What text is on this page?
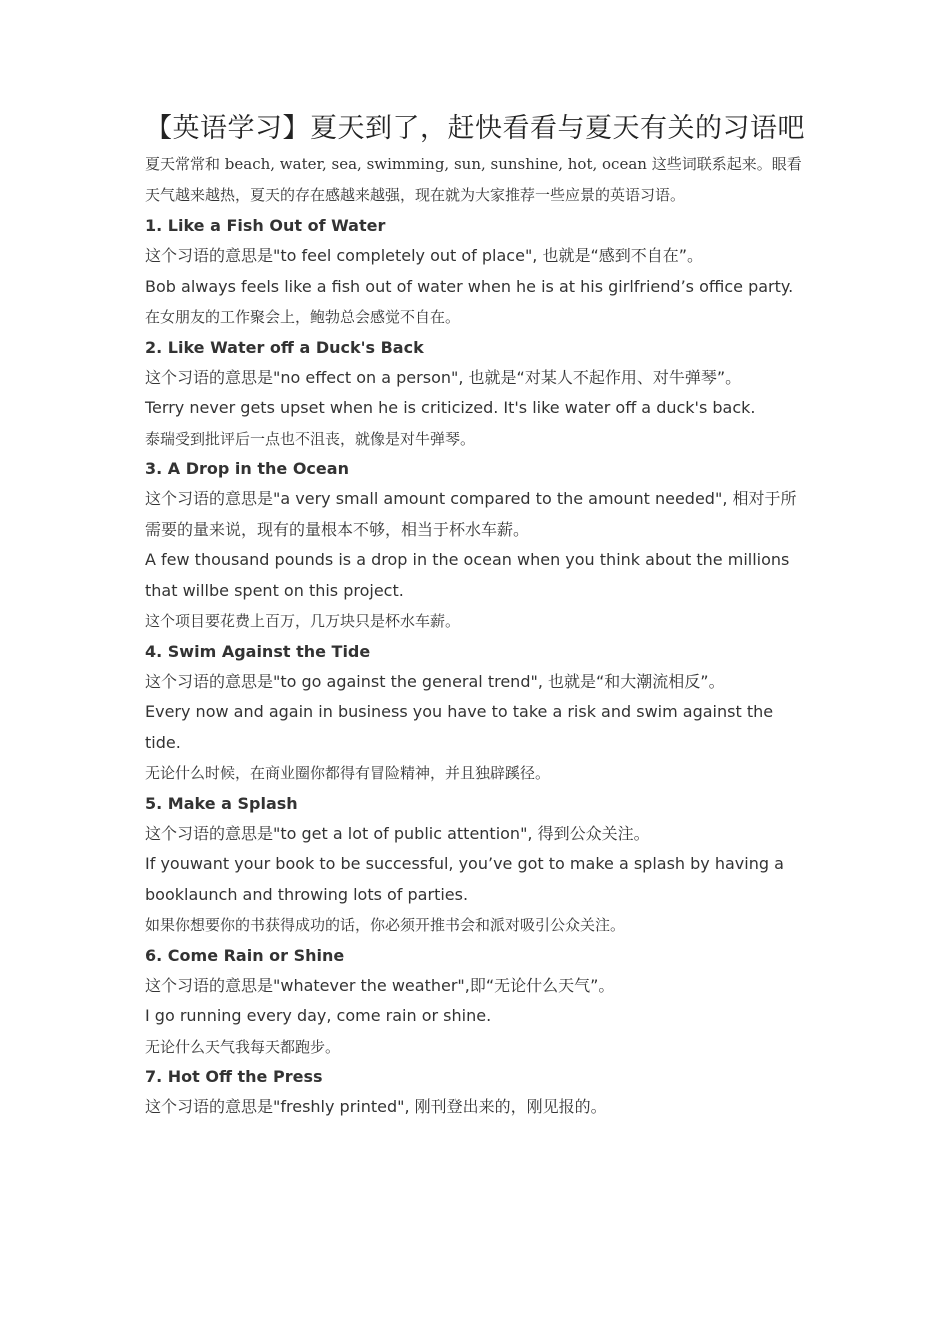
【英语学习】夏天到了，赶快看看与夏天有关的习语吧

夏天常常和 beach, water, sea, swimming, sun, sunshine, hot, ocean 这些词联系起来。眼看天气越来越热，夏天的存在感越来越强，现在就为大家推荐一些应景的英语习语。

1. Like a Fish Out of Water

这个习语的意思是"to feel completely out of place", 也就是“感到不自在”。

Bob always feels like a fish out of water when he is at his girlfriend’s office party.

在女朋友的工作聚会上，鲍勃总会感觉不自在。

2. Like Water off a Duck's Back

这个习语的意思是"no effect on a person", 也就是“对某人不起作用、对牛弹琴”。

Terry never gets upset when he is criticized. It's like water off a duck's back.

泰瑞受到批评后一点也不沮丧，就像是对牛弹琴。

3. A Drop in the Ocean

这个习语的意思是"a very small amount compared to the amount needed", 相对于所需要的量来说，现有的量根本不够，相当于杯水车薪。

A few thousand pounds is a drop in the ocean when you think about the millions that willbe spent on this project.

这个项目要花费上百万，几万块只是杯水车薪。

4. Swim Against the Tide

这个习语的意思是"to go against the general trend", 也就是“和大潮流相反”。

Every now and again in business you have to take a risk and swim against the tide.

无论什么时候，在商业圈你都得有冒险精神，并且独辟蹊径。

5. Make a Splash

这个习语的意思是"to get a lot of public attention", 得到公众关注。

If youwant your book to be successful, you’ve got to make a splash by having a booklaunch and throwing lots of parties.

如果你想要你的书获得成功的话，你必须开推书会和派对吸引公众关注。

6. Come Rain or Shine

这个习语的意思是"whatever the weather",即“无论什么天气”。

I go running every day, come rain or shine.

无论什么天气我每天都跑步。

7. Hot Off the Press

这个习语的意思是"freshly printed", 刚刊登出来的，刚见报的。
